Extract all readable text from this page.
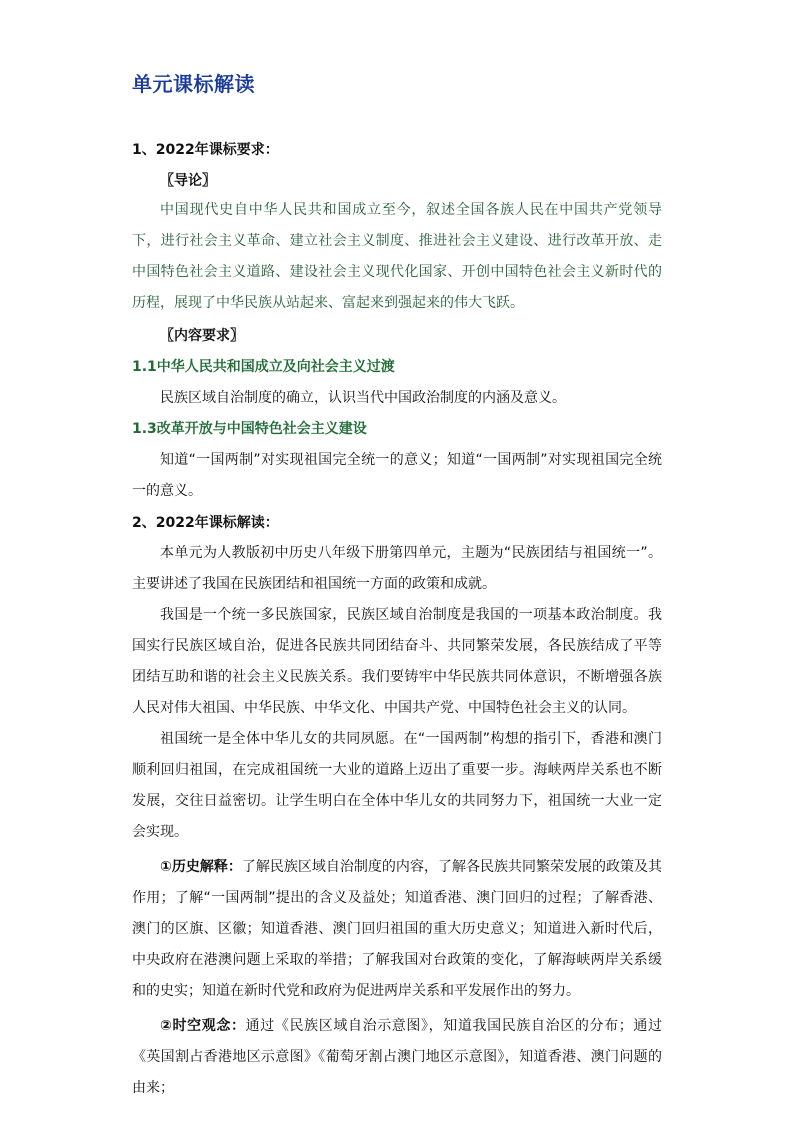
单元课标解读
1、2022年课标要求：
〖导论〗

中国现代史自中华人民共和国成立至今，叙述全国各族人民在中国共产党领导下，进行社会主义革命、建立社会主义制度、推进社会主义建设、进行改革开放、走中国特色社会主义道路、建设社会主义现代化国家、开创中国特色社会主义新时代的历程，展现了中华民族从站起来、富起来到强起来的伟大飞跃。

〖内容要求〗
1.1中华人民共和国成立及向社会主义过渡

民族区域自治制度的确立，认识当代中国政治制度的内涵及意义。

1.3改革开放与中国特色社会主义建设

知道“一国两制”对实现祖国完全统一的意义；知道“一国两制”对实现祖国完全统一的意义。

2、2022年课标解读：

本单元为人教版初中历史八年级下册第四单元，主题为“民族团结与祖国统一”。主要讲述了我国在民族团结和祖国统一方面的政策和成就。

我国是一个统一多民族国家，民族区域自治制度是我国的一项基本政治制度。我国实行民族区域自治，促进各民族共同团结奋斗、共同繁荣发展，各民族结成了平等团结互助和谐的社会主义民族关系。我们要铸牢中华民族共同体意识，不断增强各族人民对伟大祖国、中华民族、中华文化、中国共产党、中国特色社会主义的认同。

祖国统一是全体中华儿女的共同夙愿。在“一国两制”构想的指引下，香港和澳门顺利回归祖国，在完成祖国统一大业的道路上迈出了重要一步。海峡两岸关系也不断发展，交往日益密切。让学生明白在全体中华儿女的共同努力下，祖国统一大业一定会实现。

①历史解释：了解民族区域自治制度的内容，了解各民族共同繁荣发展的政策及其作用；了解“一国两制”提出的含义及益处；知道香港、澳门回归的过程；了解香港、澳门的区旗、区徽；知道香港、澳门回归祖国的重大历史意义；知道进入新时代后，中央政府在港澳问题上采取的举措；了解我国对台政策的变化，了解海峡两岸关系缓和的史实；知道在新时代党和政府为促进两岸关系和平发展作出的努力。

②时空观念：通过《民族区域自治示意图》，知道我国民族自治区的分布；通过《英国割占香港地区示意图》《葡萄牙割占澳门地区示意图》，知道香港、澳门问题的由来；
